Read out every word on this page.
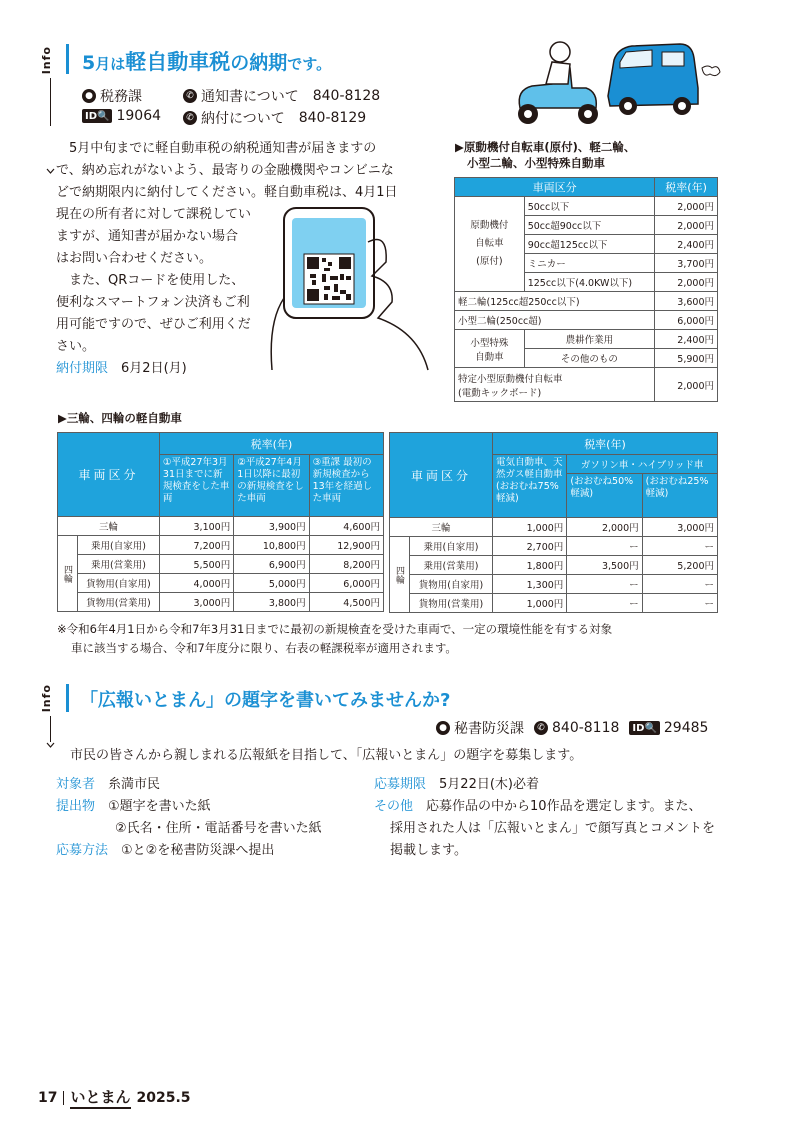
Info	5月は軽自動車税の納期です。
● 税務課	✆ 通知書について 840-8128
ID 🔍 19064	✆ 納付について 840-8129
5月中旬までに軽自動車税の納税通知書が届きますの
で、納め忘れがないよう、最寄りの金融機関やコンビニな
どで納期限内に納付してください。軽自動車税は、4月1日
現在の所有者に対して課税してい
ますが、通知書が届かない場合
はお問い合わせください。
また、QRコードを使用した、
便利なスマートフォン決済もご利
用可能ですので、ぜひご利用くだ
さい。
納付期限　 6月2日(月)
▶原動機付自転車(原付)、軽二輪、
小型二輪、小型特殊自動車
車両区分		税率(年)

原動機付
自転車
(原付)	50cc以下	2,000円
	50cc超90cc以下	2,000円
	90cc超125cc以下	2,400円
	ミニカー	3,700円
	125cc以下(4.0KW以下)	2,000円
軽二輪(125cc超250cc以下)		3,600円
小型二輪(250cc超)		6,000円

小型特殊
自動車	農耕作業用	2,400円
	その他のもの	5,900円

特定小型原動機付自転車
(電動キックボード)		2,000円
▶三輪、四輪の軽自動車
車両区分		税率(年)		
		①平成27年3月31日までに新規検査をした車両	②平成27年4月1日以降に最初の新規検査をした車両	③重課 最初の新規検査から13年を経過した車両
三輪		3,100円	3,900円	4,600円
四輪	乗用(自家用)	7,200円	10,800円	12,900円
	乗用(営業用)	5,500円	6,900円	8,200円
	貨物用(自家用)	4,000円	5,000円	6,000円
	貨物用(営業用)	3,000円	3,800円	4,500円
車両区分		税率(年)		
		電気自動車、天然ガス軽自動車(おおむね75%軽減)	ガソリン車・ハイブリッド車	
			(おおむね50%軽減)	(おおむね25%軽減)
三輪		1,000円	2,000円	3,000円
四輪	乗用(自家用)	2,700円	ー	ー
	乗用(営業用)	1,800円	3,500円	5,200円
	貨物用(自家用)	1,300円	ー	ー
	貨物用(営業用)	1,000円	ー	ー
※令和6年4月1日から令和7年3月31日までに最初の新規検査を受けた車両で、一定の環境性能を有する対象
車に該当する場合、令和7年度分に限り、右表の軽課税率が適用されます。
Info	「広報いとまん」の題字を書いてみませんか?
● 秘書防災課	✆ 840-8118 ID 🔍 29485
市民の皆さんから親しまれる広報紙を目指して、「広報いとまん」の題字を募集します。
対象者　 糸満市民
提出物　 ①題字を書いた紙
②氏名・住所・電話番号を書いた紙
応募方法　 ①と②を秘書防災課へ提出
応募期限　 5月22日(木)必着
その他　 応募作品の中から10作品を選定します。また、
採用された人は「広報いとまん」で顔写真とコメントを
掲載します。
17 いとまん 2025.5
